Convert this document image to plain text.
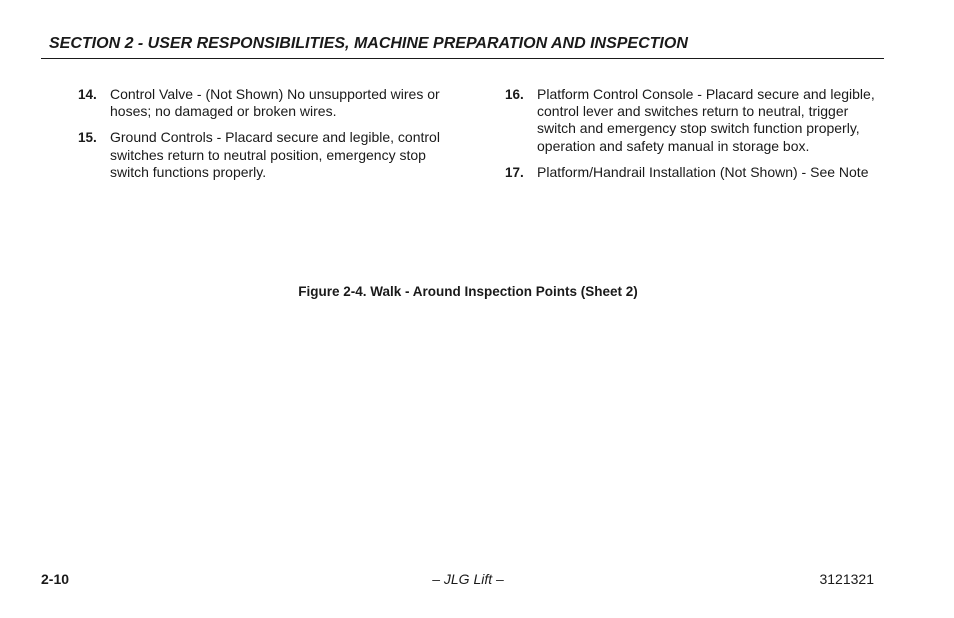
SECTION 2 - USER RESPONSIBILITIES, MACHINE PREPARATION AND INSPECTION
14. Control Valve - (Not Shown) No unsupported wires or hoses; no damaged or broken wires.
15. Ground Controls - Placard secure and legible, control switches return to neutral position, emergency stop switch functions properly.
16. Platform Control Console - Placard secure and legible, control lever and switches return to neutral, trigger switch and emergency stop switch function properly, operation and safety manual in storage box.
17. Platform/Handrail Installation (Not Shown) - See Note
Figure 2-4. Walk - Around Inspection Points (Sheet 2)
2-10	– JLG Lift –	3121321
